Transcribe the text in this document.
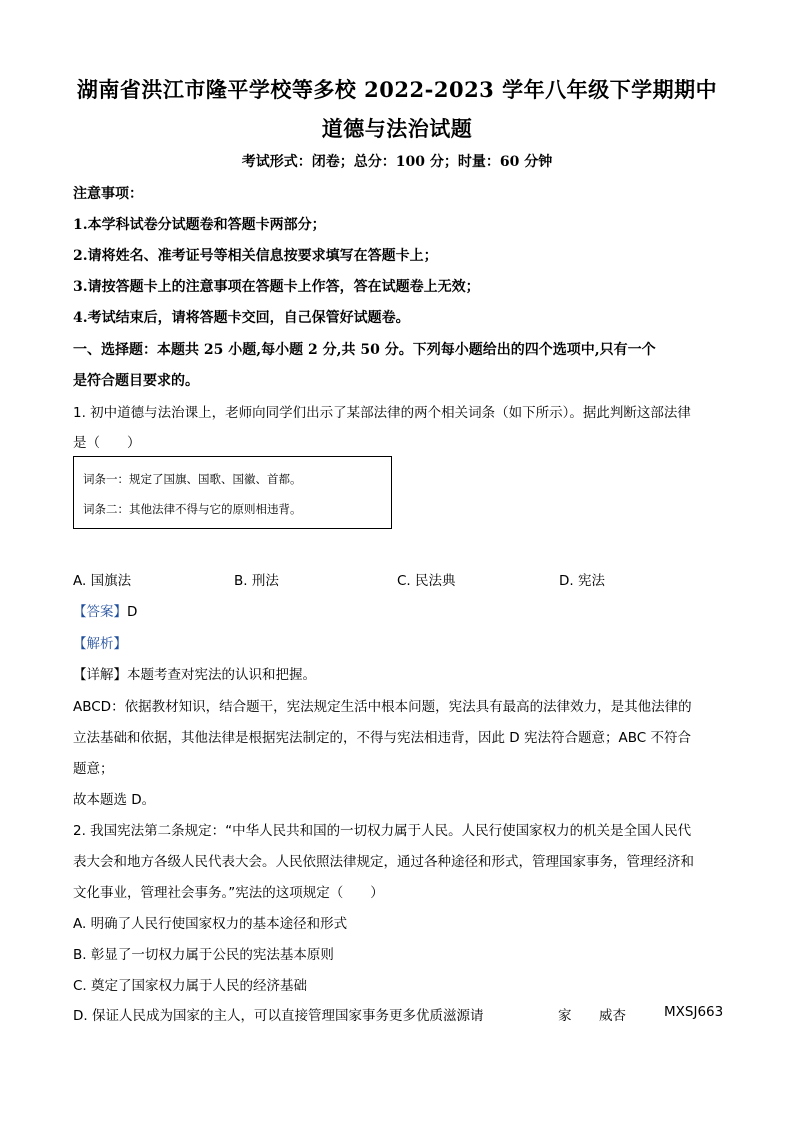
湖南省洪江市隆平学校等多校 2022-2023 学年八年级下学期期中
道德与法治试题
考试形式：闭卷；总分：100 分；时量：60 分钟
注意事项：
1.本学科试卷分试题卷和答题卡两部分；
2.请将姓名、准考证号等相关信息按要求填写在答题卡上；
3.请按答题卡上的注意事项在答题卡上作答，答在试题卷上无效；
4.考试结束后，请将答题卡交回，自己保管好试题卷。
一、选择题：本题共 25 小题,每小题 2 分,共 50 分。下列每小题给出的四个选项中,只有一个
是符合题目要求的。
1. 初中道德与法治课上，老师向同学们出示了某部法律的两个相关词条（如下所示）。据此判断这部法律
是（　　）
词条一：规定了国旗、国歌、国徽、首都。
词条二：其他法律不得与它的原则相违背。
A. 国旗法	B. 刑法	C. 民法典	D. 宪法
【答案】D
【解析】
【详解】本题考查对宪法的认识和把握。
ABCD：依据教材知识，结合题干，宪法规定生活中根本问题，宪法具有最高的法律效力，是其他法律的
立法基础和依据，其他法律是根据宪法制定的，不得与宪法相违背，因此 D 宪法符合题意；ABC 不符合
题意；
故本题选 D。
2. 我国宪法第二条规定：“中华人民共和国的一切权力属于人民。人民行使国家权力的机关是全国人民代
表大会和地方各级人民代表大会。人民依照法律规定，通过各种途径和形式，管理国家事务，管理经济和
文化事业，管理社会事务。”宪法的这项规定（　　）
A. 明确了人民行使国家权力的基本途径和形式
B. 彰显了一切权力属于公民的宪法基本原则
C. 奠定了国家权力属于人民的经济基础
D. 保证人民成为国家的主人，可以直接管理国家事务更多优质滋源请	家 威杏	MXSJ663
